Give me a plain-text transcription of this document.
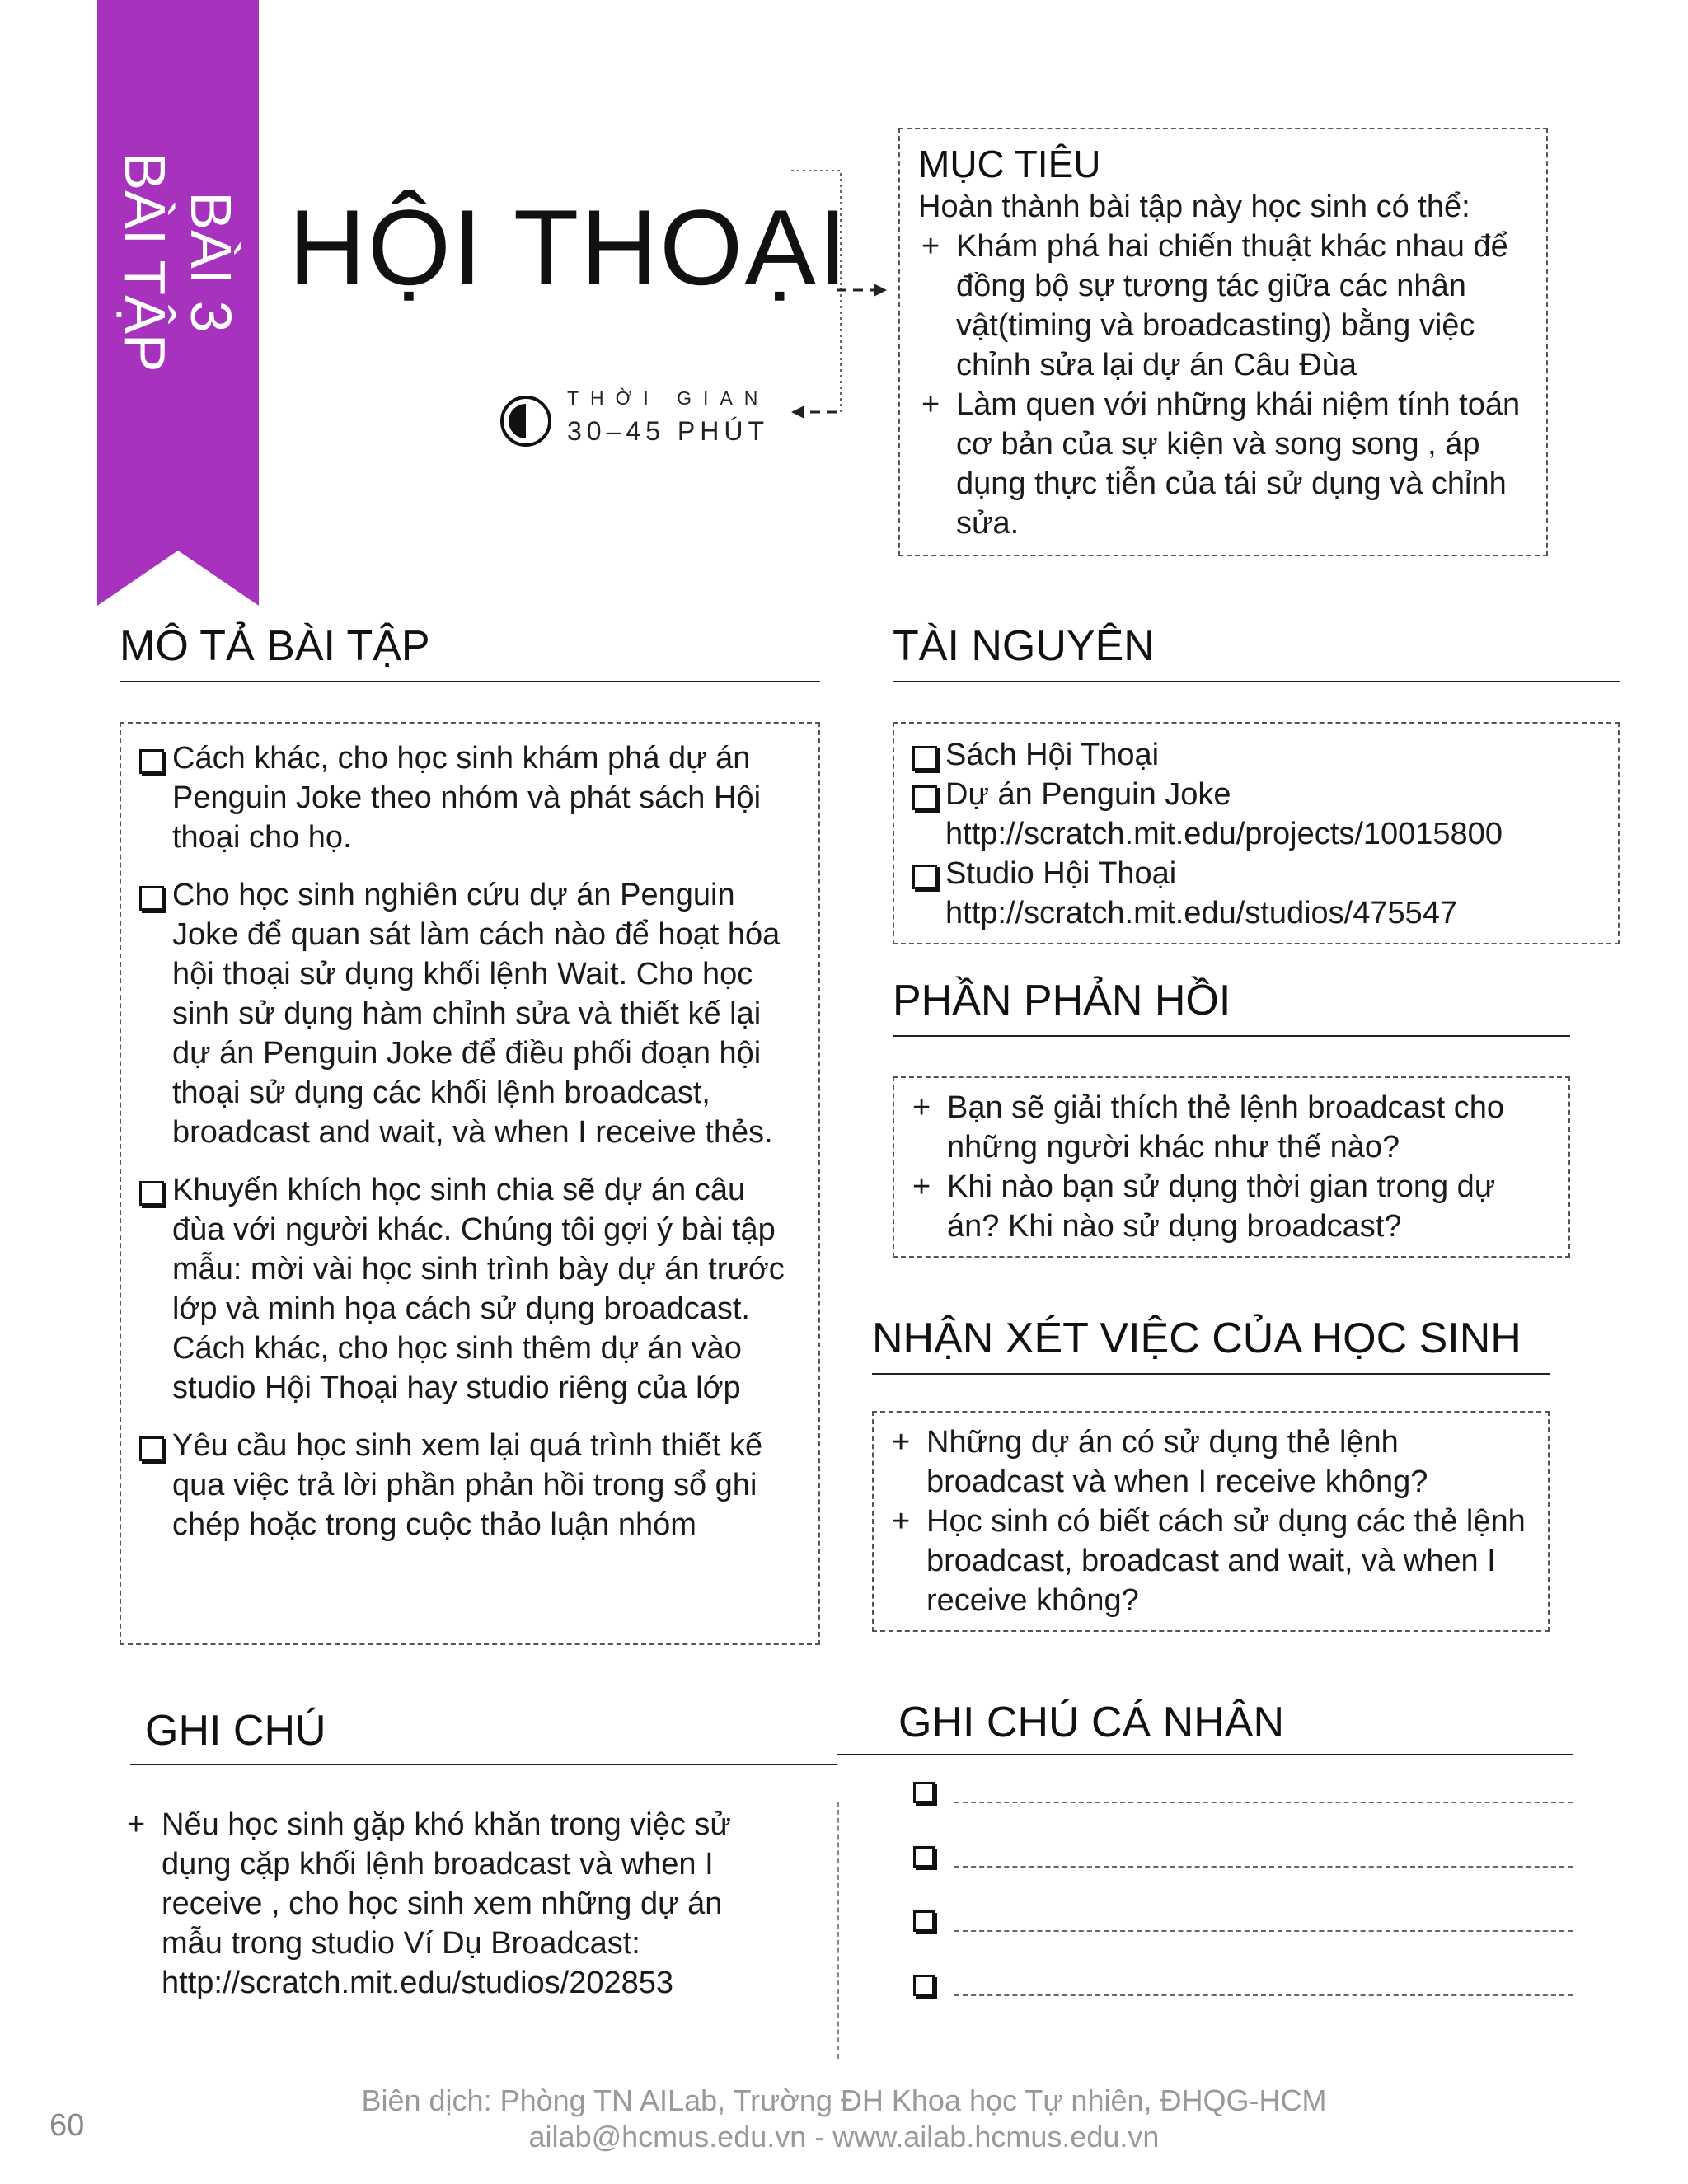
BÀI 3
BÀI TẬP HỘI THOẠI
THỜI GIAN
30–45 PHÚT
MỤC TIÊU
Hoàn thành bài tập này học sinh có thể:
+ Khám phá hai chiến thuật khác nhau để đồng bộ sự tương tác giữa các nhân vật(timing và broadcasting) bằng việc chỉnh sửa lại dự án Câu Đùa
+ Làm quen với những khái niệm tính toán cơ bản của sự kiện và song song , áp dụng thực tiễn của tái sử dụng và chỉnh sửa.
MÔ TẢ BÀI TẬP
Cách khác, cho học sinh khám phá dự án Penguin Joke theo nhóm và phát sách Hội thoại cho họ.
Cho học sinh nghiên cứu dự án Penguin Joke để quan sát làm cách nào để hoạt hóa hội thoại sử dụng khối lệnh Wait. Cho học sinh sử dụng hàm chỉnh sửa và thiết kế lại dự án Penguin Joke để điều phối đoạn hội thoại sử dụng các khối lệnh broadcast, broadcast and wait, và when I receive thẻs.
Khuyến khích học sinh chia sẽ dự án câu đùa với người khác. Chúng tôi gợi ý bài tập mẫu: mời vài học sinh trình bày dự án trước lớp và minh họa cách sử dụng broadcast. Cách khác, cho học sinh thêm dự án vào studio Hội Thoại hay studio riêng của lớp
Yêu cầu học sinh xem lại quá trình thiết kế qua việc trả lời phần phản hồi trong sổ ghi chép hoặc trong cuộc thảo luận nhóm
TÀI NGUYÊN
Sách Hội Thoại
Dự án Penguin Joke
http://scratch.mit.edu/projects/10015800
Studio Hội Thoại
http://scratch.mit.edu/studios/475547
PHẦN PHẢN HỒI
+ Bạn sẽ giải thích thẻ lệnh broadcast cho những người khác như thế nào?
+ Khi nào bạn sử dụng thời gian trong dự án? Khi nào sử dụng broadcast?
NHẬN XÉT VIỆC CỦA HỌC SINH
+ Những dự án có sử dụng thẻ lệnh broadcast và when I receive không?
+ Học sinh có biết cách sử dụng các thẻ lệnh broadcast, broadcast and wait, và when I receive không?
GHI CHÚ
+ Nếu học sinh gặp khó khăn trong việc sử dụng cặp khối lệnh broadcast và when I receive , cho học sinh xem những dự án mẫu trong studio Ví Dụ Broadcast: http://scratch.mit.edu/studios/202853
GHI CHÚ CÁ NHÂN
60
Biên dịch: Phòng TN AILab, Trường ĐH Khoa học Tự nhiên, ĐHQG-HCM
ailab@hcmus.edu.vn - www.ailab.hcmus.edu.vn
